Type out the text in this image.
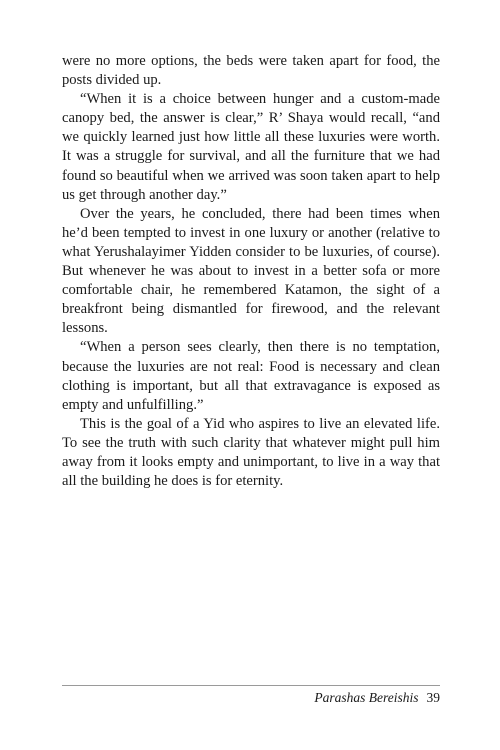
were no more options, the beds were taken apart for food, the posts divided up.

“When it is a choice between hunger and a custom-made canopy bed, the answer is clear,” R’ Shaya would recall, “and we quickly learned just how little all these luxuries were worth. It was a struggle for survival, and all the furniture that we had found so beautiful when we arrived was soon taken apart to help us get through another day.”

Over the years, he concluded, there had been times when he’d been tempted to invest in one luxury or another (relative to what Yerushalayimer Yidden consider to be luxuries, of course). But whenever he was about to invest in a better sofa or more comfortable chair, he remembered Katamon, the sight of a breakfront being dismantled for firewood, and the relevant lessons.

“When a person sees clearly, then there is no temptation, because the luxuries are not real: Food is necessary and clean clothing is important, but all that extravagance is exposed as empty and unfulfilling.”

This is the goal of a Yid who aspires to live an elevated life. To see the truth with such clarity that whatever might pull him away from it looks empty and unimportant, to live in a way that all the building he does is for eternity.

Parashas Bereishis 39
